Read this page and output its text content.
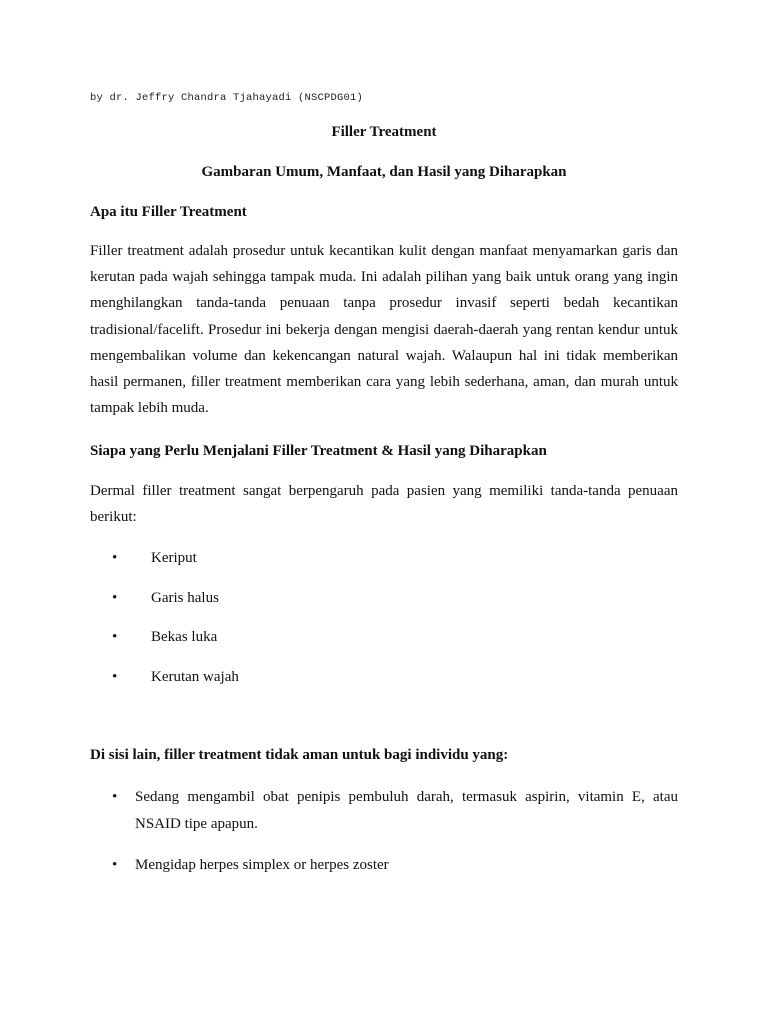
by dr. Jeffry Chandra Tjahayadi (NSCPDG01)
Filler Treatment
Gambaran Umum, Manfaat, dan Hasil yang Diharapkan
Apa itu Filler Treatment

Filler treatment adalah prosedur untuk kecantikan kulit dengan manfaat menyamarkan garis dan kerutan pada wajah sehingga tampak muda. Ini adalah pilihan yang baik untuk orang yang ingin menghilangkan tanda-tanda penuaan tanpa prosedur invasif seperti bedah kecantikan tradisional/facelift. Prosedur ini bekerja dengan mengisi daerah-daerah yang rentan kendur untuk mengembalikan volume dan kekencangan natural wajah. Walaupun hal ini tidak memberikan hasil permanen, filler treatment memberikan cara yang lebih sederhana, aman, dan murah untuk tampak lebih muda.

Siapa yang Perlu Menjalani Filler Treatment & Hasil yang Diharapkan

Dermal filler treatment sangat berpengaruh pada pasien yang memiliki tanda-tanda penuaan berikut:

• Keriput
• Garis halus
• Bekas luka
• Kerutan wajah
Di sisi lain, filler treatment tidak aman untuk bagi individu yang:
• Sedang mengambil obat penipis pembuluh darah, termasuk aspirin, vitamin E, atau NSAID tipe apapun.
• Mengidap herpes simplex or herpes zoster
